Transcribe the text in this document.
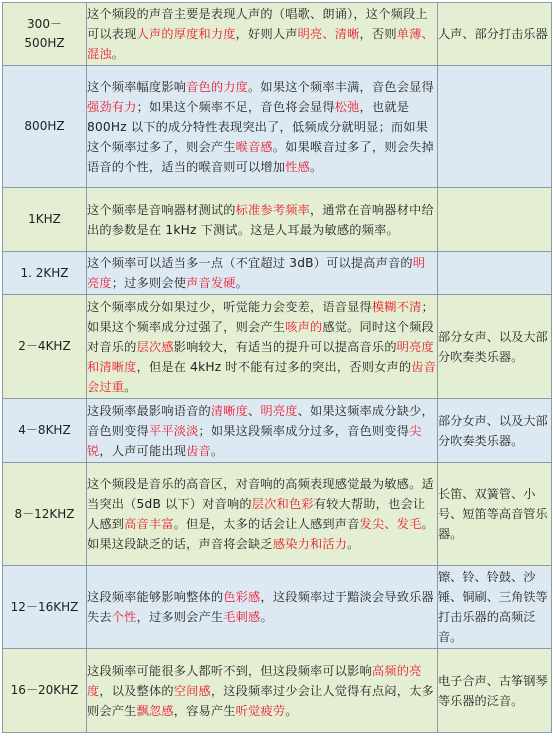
300－
500HZ	这个频段的声音主要是表现人声的（唱歌、朗诵），这个频段上可以表现人声的厚度和力度，好则人声明亮、清晰，否则单薄、混浊。	人声、部分打击乐器
800HZ	这个频率幅度影响音色的力度。如果这个频率丰满，音色会显得强劲有力；如果这个频率不足，音色将会显得松弛，也就是 800Hz 以下的成分特性表现突出了，低频成分就明显；而如果这个频率过多了，则会产生喉音感。如果喉音过多了，则会失掉语音的个性，适当的喉音则可以增加性感。	
1KHZ	这个频率是音响器材测试的标准参考频率，通常在音响器材中给出的参数是在 1kHz 下测试。这是人耳最为敏感的频率。	
1. 2KHZ	这个频率可以适当多一点（不宜超过 3dB）可以提高声音的明亮度；过多则会使声音发硬。	
2－4KHZ	这个频率成分如果过少，听觉能力会变差，语音显得模糊不清；如果这个频率成分过强了，则会产生咳声的感觉。同时这个频段对音乐的层次感影响较大，有适当的提升可以提高音乐的明亮度和清晰度，但是在 4kHz 时不能有过多的突出，否则女声的齿音会过重。	部分女声、以及大部分吹奏类乐器。
4－8KHZ	这段频率最影响语音的清晰度、明亮度、如果这频率成分缺少，音色则变得平平淡淡；如果这段频率成分过多，音色则变得尖锐，人声可能出现齿音。	部分女声、以及大部分吹奏类乐器。
8－12KHZ	这个频段是音乐的高音区，对音响的高频表现感觉最为敏感。适当突出（5dB 以下）对音响的层次和色彩有较大帮助，也会让人感到高音丰富。但是，太多的话会让人感到声音发尖、发毛。如果这段缺乏的话，声音将会缺乏感染力和活力。	长笛、双簧管、小号、短笛等高音管乐器。
12－16KHZ	这段频率能够影响整体的色彩感，这段频率过于黯淡会导致乐器失去个性，过多则会产生毛刺感。	镲、铃、铃鼓、沙锤、铜刷、三角铁等打击乐器的高频泛音。
16－20KHZ	这段频率可能很多人都听不到，但这段频率可以影响高频的亮度，以及整体的空间感，这段频率过少会让人觉得有点闷，太多则会产生飘忽感，容易产生听觉疲劳。	电子合声、古筝钢琴等乐器的泛音。
